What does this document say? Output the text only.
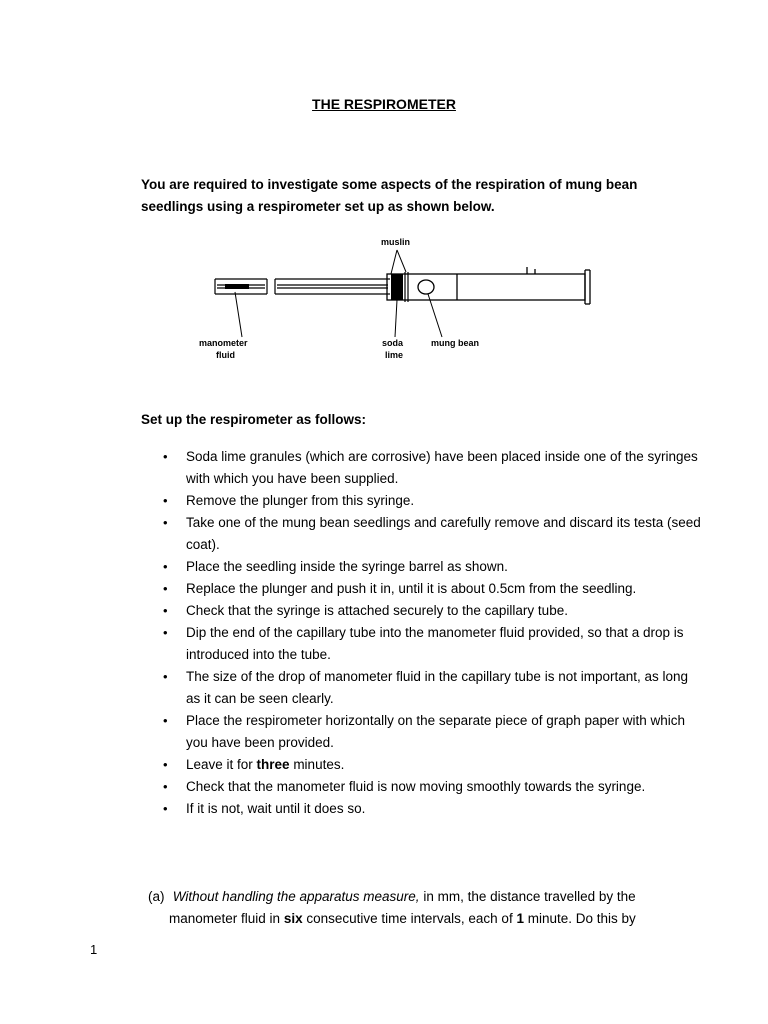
THE RESPIROMETER
You are required to investigate some aspects of the respiration of mung bean seedlings using a respirometer set up as shown below.
muslin
manometer
fluid
soda
lime
mung bean
Set up the respirometer as follows:
• Soda lime granules (which are corrosive) have been placed inside one of the syringes with which you have been supplied.
• Remove the plunger from this syringe.
• Take one of the mung bean seedlings and carefully remove and discard its testa (seed coat).
• Place the seedling inside the syringe barrel as shown.
• Replace the plunger and push it in, until it is about 0.5cm from the seedling.
• Check that the syringe is attached securely to the capillary tube.
• Dip the end of the capillary tube into the manometer fluid provided, so that a drop is introduced into the tube.
• The size of the drop of manometer fluid in the capillary tube is not important, as long as it can be seen clearly.
• Place the respirometer horizontally on the separate piece of graph paper with which you have been provided.
• Leave it for three minutes.
• Check that the manometer fluid is now moving smoothly towards the syringe.
• If it is not, wait until it does so.
(a) Without handling the apparatus measure, in mm, the distance travelled by the
manometer fluid in six consecutive time intervals, each of 1 minute. Do this by
1
